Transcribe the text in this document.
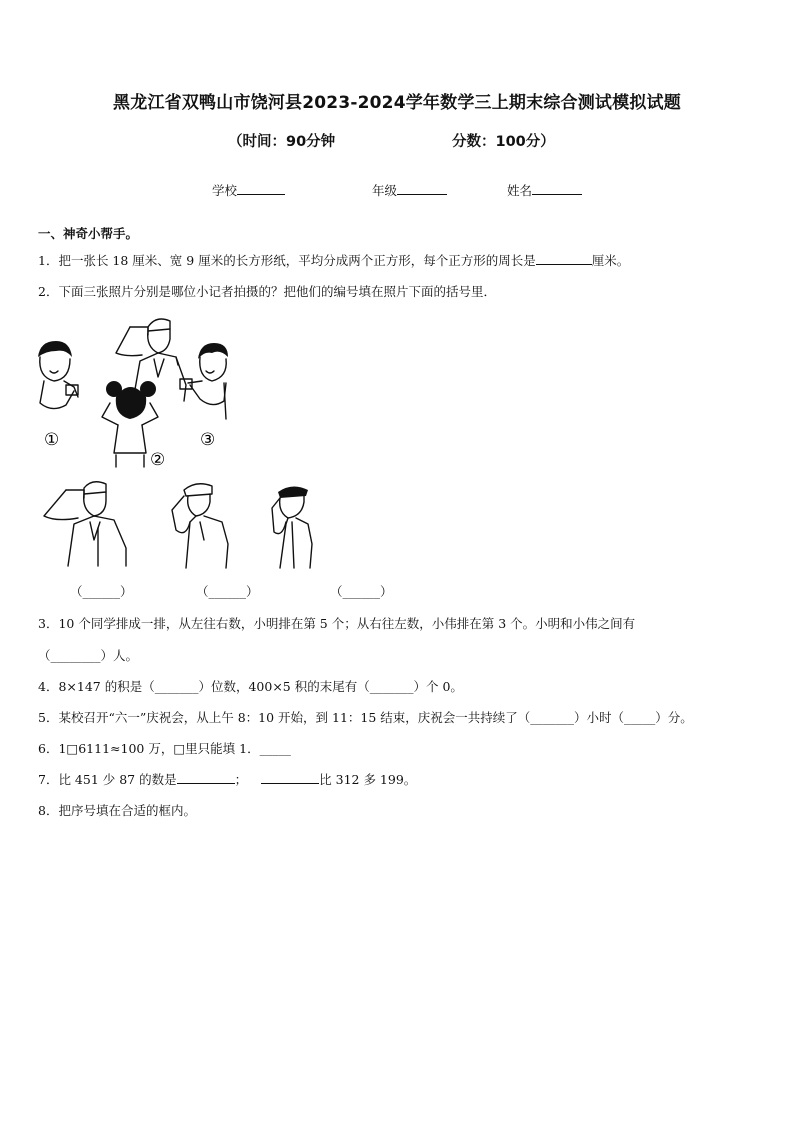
黑龙江省双鸭山市饶河县2023-2024学年数学三上期末综合测试模拟试题
（时间：90分钟	分数：100分）
学校	年级	姓名
一、神奇小帮手。
1．把一张长 18 厘米、宽 9 厘米的长方形纸，平均分成两个正方形，每个正方形的周长是	厘米。
2．下面三张照片分别是哪位小记者拍摄的？把他们的编号填在照片下面的括号里．
①
②
③
（______）	（______）	（______）
3．10 个同学排成一排，从左往右数，小明排在第 5 个；从右往左数，小伟排在第 3 个。小明和小伟之间有
（________）人。
4．8×147 的积是（_______）位数，400×5 积的末尾有（_______）个 0。
5．某校召开“六一”庆祝会，从上午 8：10 开始，到 11：15 结束，庆祝会一共持续了（_______）小时（_____）分。
6．1□6111≈100 万，□里只能填 1．_____
7．比 451 少 87 的数是	；	比 312 多 199。
8．把序号填在合适的框内。
